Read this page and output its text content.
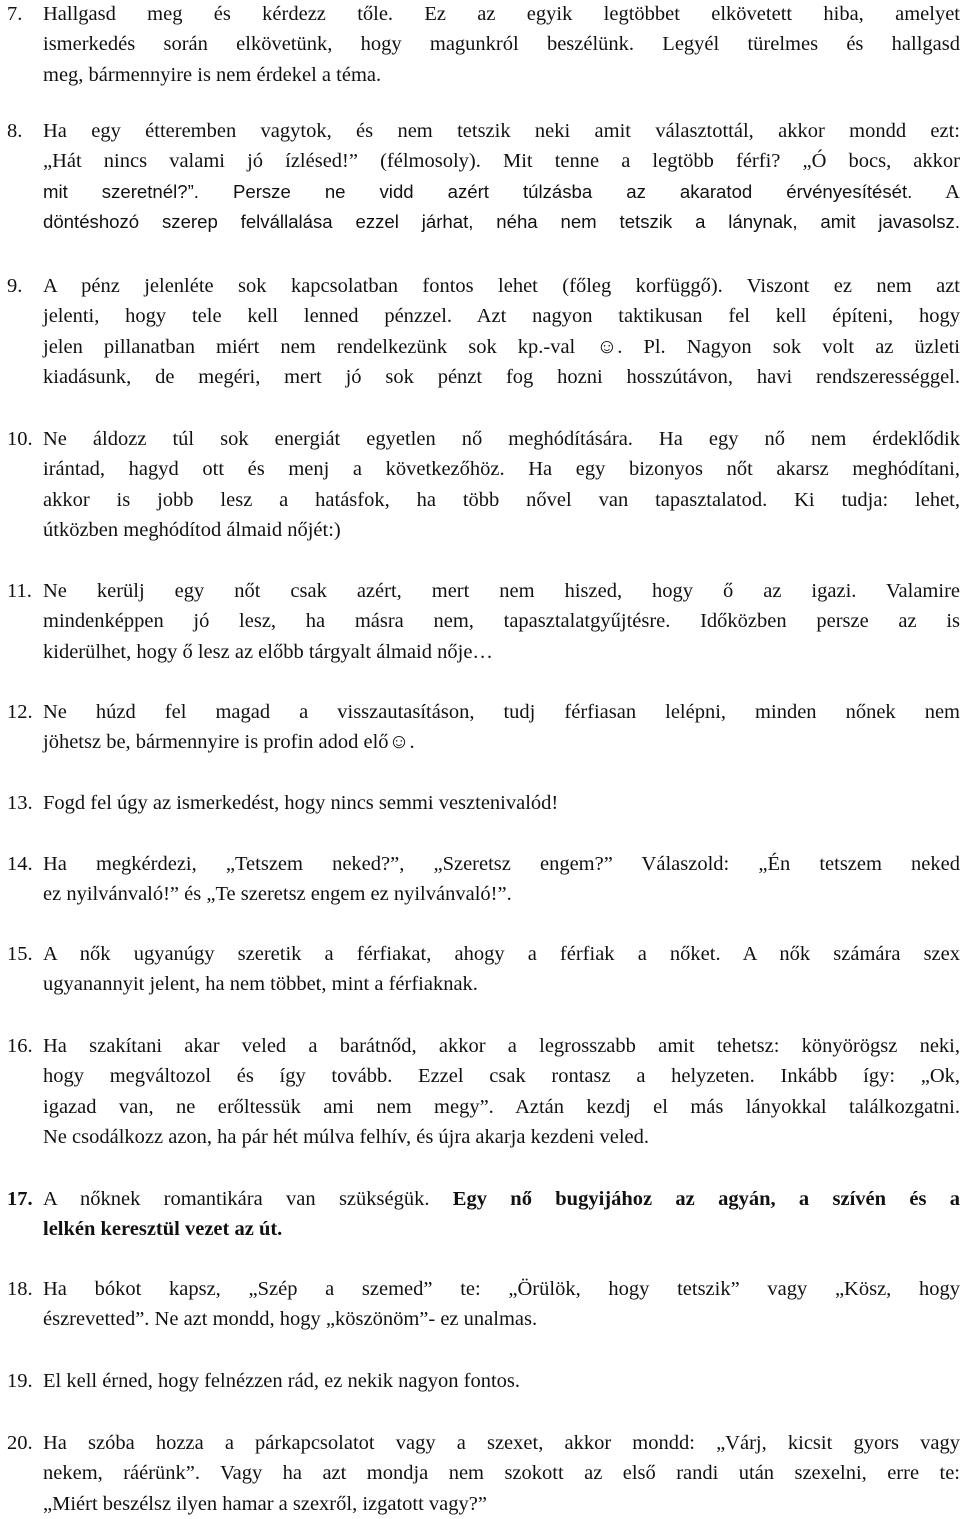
7. Hallgasd meg és kérdezz tőle. Ez az egyik legtöbbet elkövetett hiba, amelyet
ismerkedés során elkövetünk, hogy magunkról beszélünk. Legyél türelmes és hallgasd
meg, bármennyire is nem érdekel a téma.
8. Ha egy étteremben vagytok, és nem tetszik neki amit választottál, akkor mondd ezt:
„Hát nincs valami jó ízlésed!” (félmosoly). Mit tenne a legtöbb férfi? „Ó bocs, akkor
mit szeretnél?”. Persze ne vidd azért túlzásba az akaratod érvényesítését. A
döntéshozó szerep felvállalása ezzel járhat, néha nem tetszik a lánynak, amit javasolsz.
9. A pénz jelenléte sok kapcsolatban fontos lehet (főleg korfüggő). Viszont ez nem azt
jelenti, hogy tele kell lenned pénzzel. Azt nagyon taktikusan fel kell építeni, hogy
jelen pillanatban miért nem rendelkezünk sok kp.-val ☺. Pl. Nagyon sok volt az üzleti
kiadásunk, de megéri, mert jó sok pénzt fog hozni hosszútávon, havi rendszerességgel.
10. Ne áldozz túl sok energiát egyetlen nő meghódítására. Ha egy nő nem érdeklődik
irántad, hagyd ott és menj a következőhöz. Ha egy bizonyos nőt akarsz meghódítani,
akkor is jobb lesz a hatásfok, ha több nővel van tapasztalatod. Ki tudja: lehet,
útközben meghódítod álmaid nőjét:)
11. Ne kerülj egy nőt csak azért, mert nem hiszed, hogy ő az igazi. Valamire
mindenképpen jó lesz, ha másra nem, tapasztalatgyűjtésre. Időközben persze az is
kiderülhet, hogy ő lesz az előbb tárgyalt álmaid nője…
12. Ne húzd fel magad a visszautasításon, tudj férfiasan lelépni, minden nőnek nem
jöhetsz be, bármennyire is profin adod elő☺.
13. Fogd fel úgy az ismerkedést, hogy nincs semmi vesztenivalód!
14. Ha megkérdezi, „Tetszem neked?”, „Szeretsz engem?” Válaszold: „Én tetszem neked
ez nyilvánvaló!” és „Te szeretsz engem ez nyilvánvaló!”.
15. A nők ugyanúgy szeretik a férfiakat, ahogy a férfiak a nőket. A nők számára szex
ugyanannyit jelent, ha nem többet, mint a férfiaknak.
16. Ha szakítani akar veled a barátnőd, akkor a legrosszabb amit tehetsz: könyörögsz neki,
hogy megváltozol és így tovább. Ezzel csak rontasz a helyzeten. Inkább így: „Ok,
igazad van, ne erőltessük ami nem megy”. Aztán kezdj el más lányokkal találkozgatni.
Ne csodálkozz azon, ha pár hét múlva felhív, és újra akarja kezdeni veled.
17. A nőknek romantikára van szükségük. Egy nő bugyijához az agyán, a szívén és a
lelkén keresztül vezet az út.
18. Ha bókot kapsz, „Szép a szemed” te: „Örülök, hogy tetszik” vagy „Kösz, hogy
észrevetted”. Ne azt mondd, hogy „köszönöm”- ez unalmas.
19. El kell érned, hogy felnézzen rád, ez nekik nagyon fontos.
20. Ha szóba hozza a párkapcsolatot vagy a szexet, akkor mondd: „Várj, kicsit gyors vagy
nekem, ráérünk”. Vagy ha azt mondja nem szokott az első randi után szexelni, erre te:
„Miért beszélsz ilyen hamar a szexről, izgatott vagy?”
